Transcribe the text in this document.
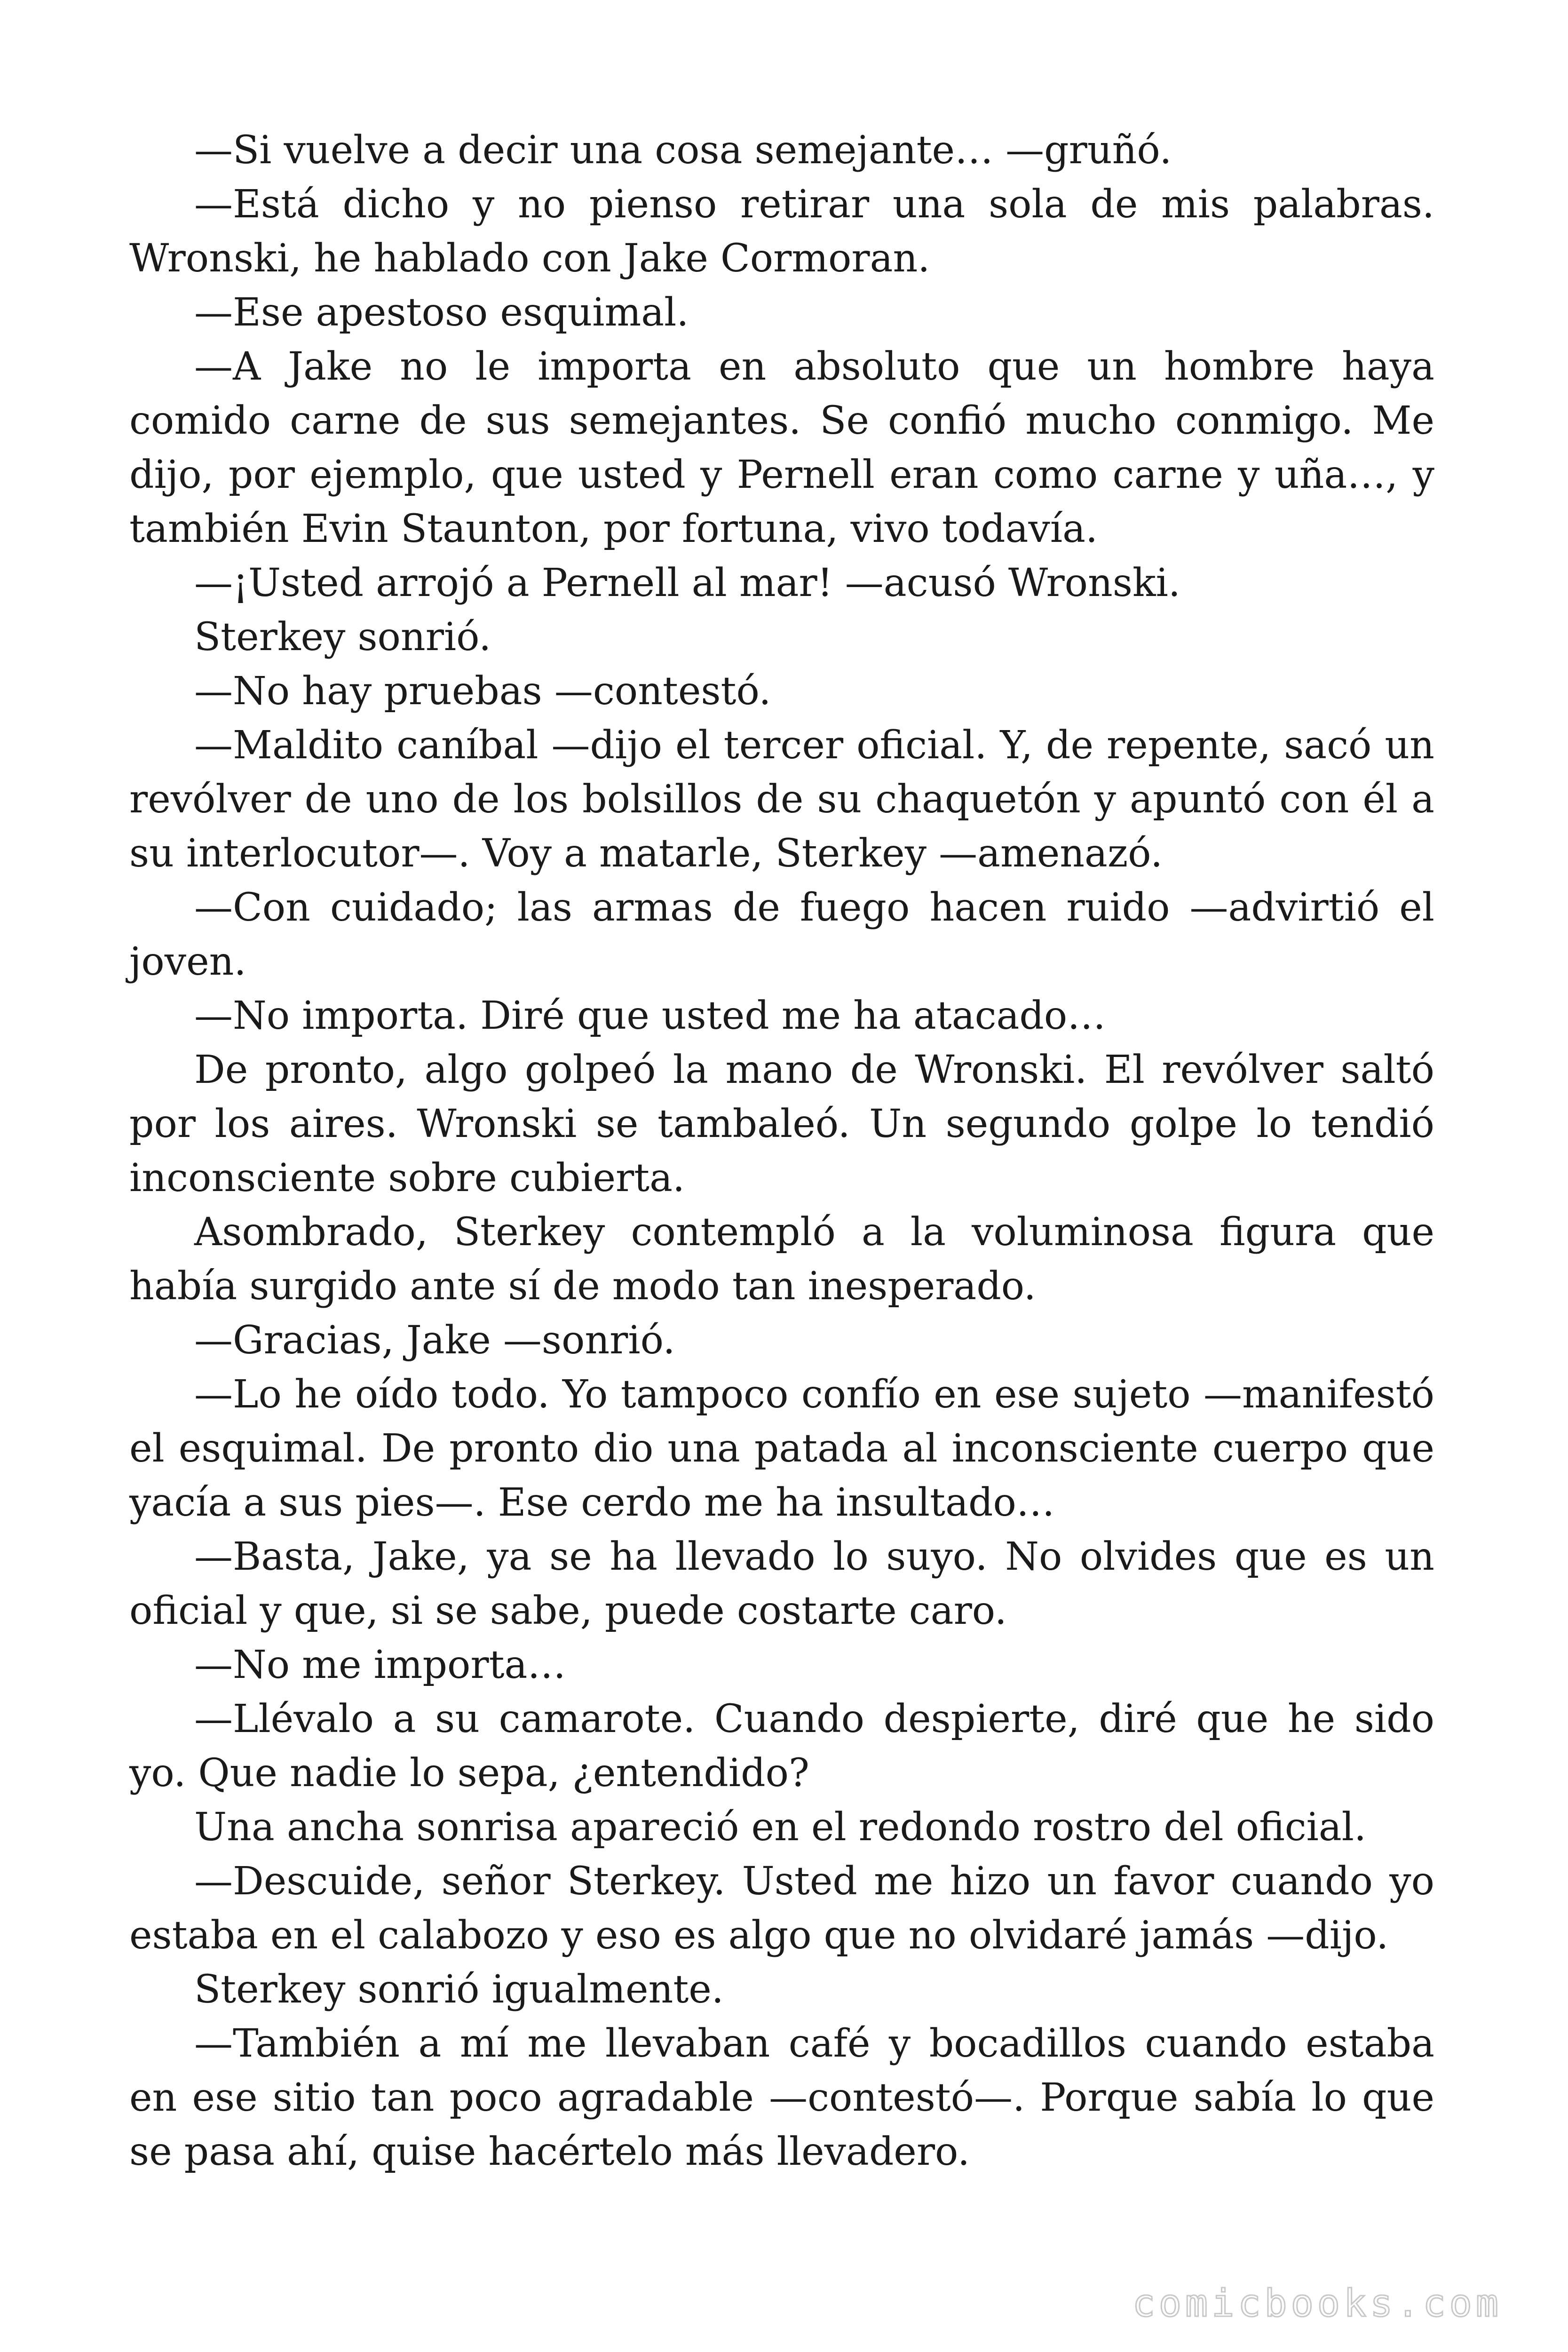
—Si vuelve a decir una cosa semejante… —gruñó.

—Está dicho y no pienso retirar una sola de mis palabras. Wronski, he hablado con Jake Cormoran.

—Ese apestoso esquimal.

—A Jake no le importa en absoluto que un hombre haya comido carne de sus semejantes. Se confió mucho conmigo. Me dijo, por ejemplo, que usted y Pernell eran como carne y uña…, y también Evin Staunton, por fortuna, vivo todavía.

—¡Usted arrojó a Pernell al mar! —acusó Wronski.

Sterkey sonrió.

—No hay pruebas —contestó.

—Maldito caníbal —dijo el tercer oficial. Y, de repente, sacó un revólver de uno de los bolsillos de su chaquetón y apuntó con él a su interlocutor—. Voy a matarle, Sterkey —amenazó.

—Con cuidado; las armas de fuego hacen ruido —advirtió el joven.

—No importa. Diré que usted me ha atacado…

De pronto, algo golpeó la mano de Wronski. El revólver saltó por los aires. Wronski se tambaleó. Un segundo golpe lo tendió inconsciente sobre cubierta.

Asombrado, Sterkey contempló a la voluminosa figura que había surgido ante sí de modo tan inesperado.

—Gracias, Jake —sonrió.

—Lo he oído todo. Yo tampoco confío en ese sujeto —manifestó el esquimal. De pronto dio una patada al inconsciente cuerpo que yacía a sus pies—. Ese cerdo me ha insultado…

—Basta, Jake, ya se ha llevado lo suyo. No olvides que es un oficial y que, si se sabe, puede costarte caro.

—No me importa…

—Llévalo a su camarote. Cuando despierte, diré que he sido yo. Que nadie lo sepa, ¿entendido?

Una ancha sonrisa apareció en el redondo rostro del oficial.

—Descuide, señor Sterkey. Usted me hizo un favor cuando yo estaba en el calabozo y eso es algo que no olvidaré jamás —dijo.

Sterkey sonrió igualmente.

—También a mí me llevaban café y bocadillos cuando estaba en ese sitio tan poco agradable —contestó—. Porque sabía lo que se pasa ahí, quise hacértelo más llevadero.

comicbooks.com
